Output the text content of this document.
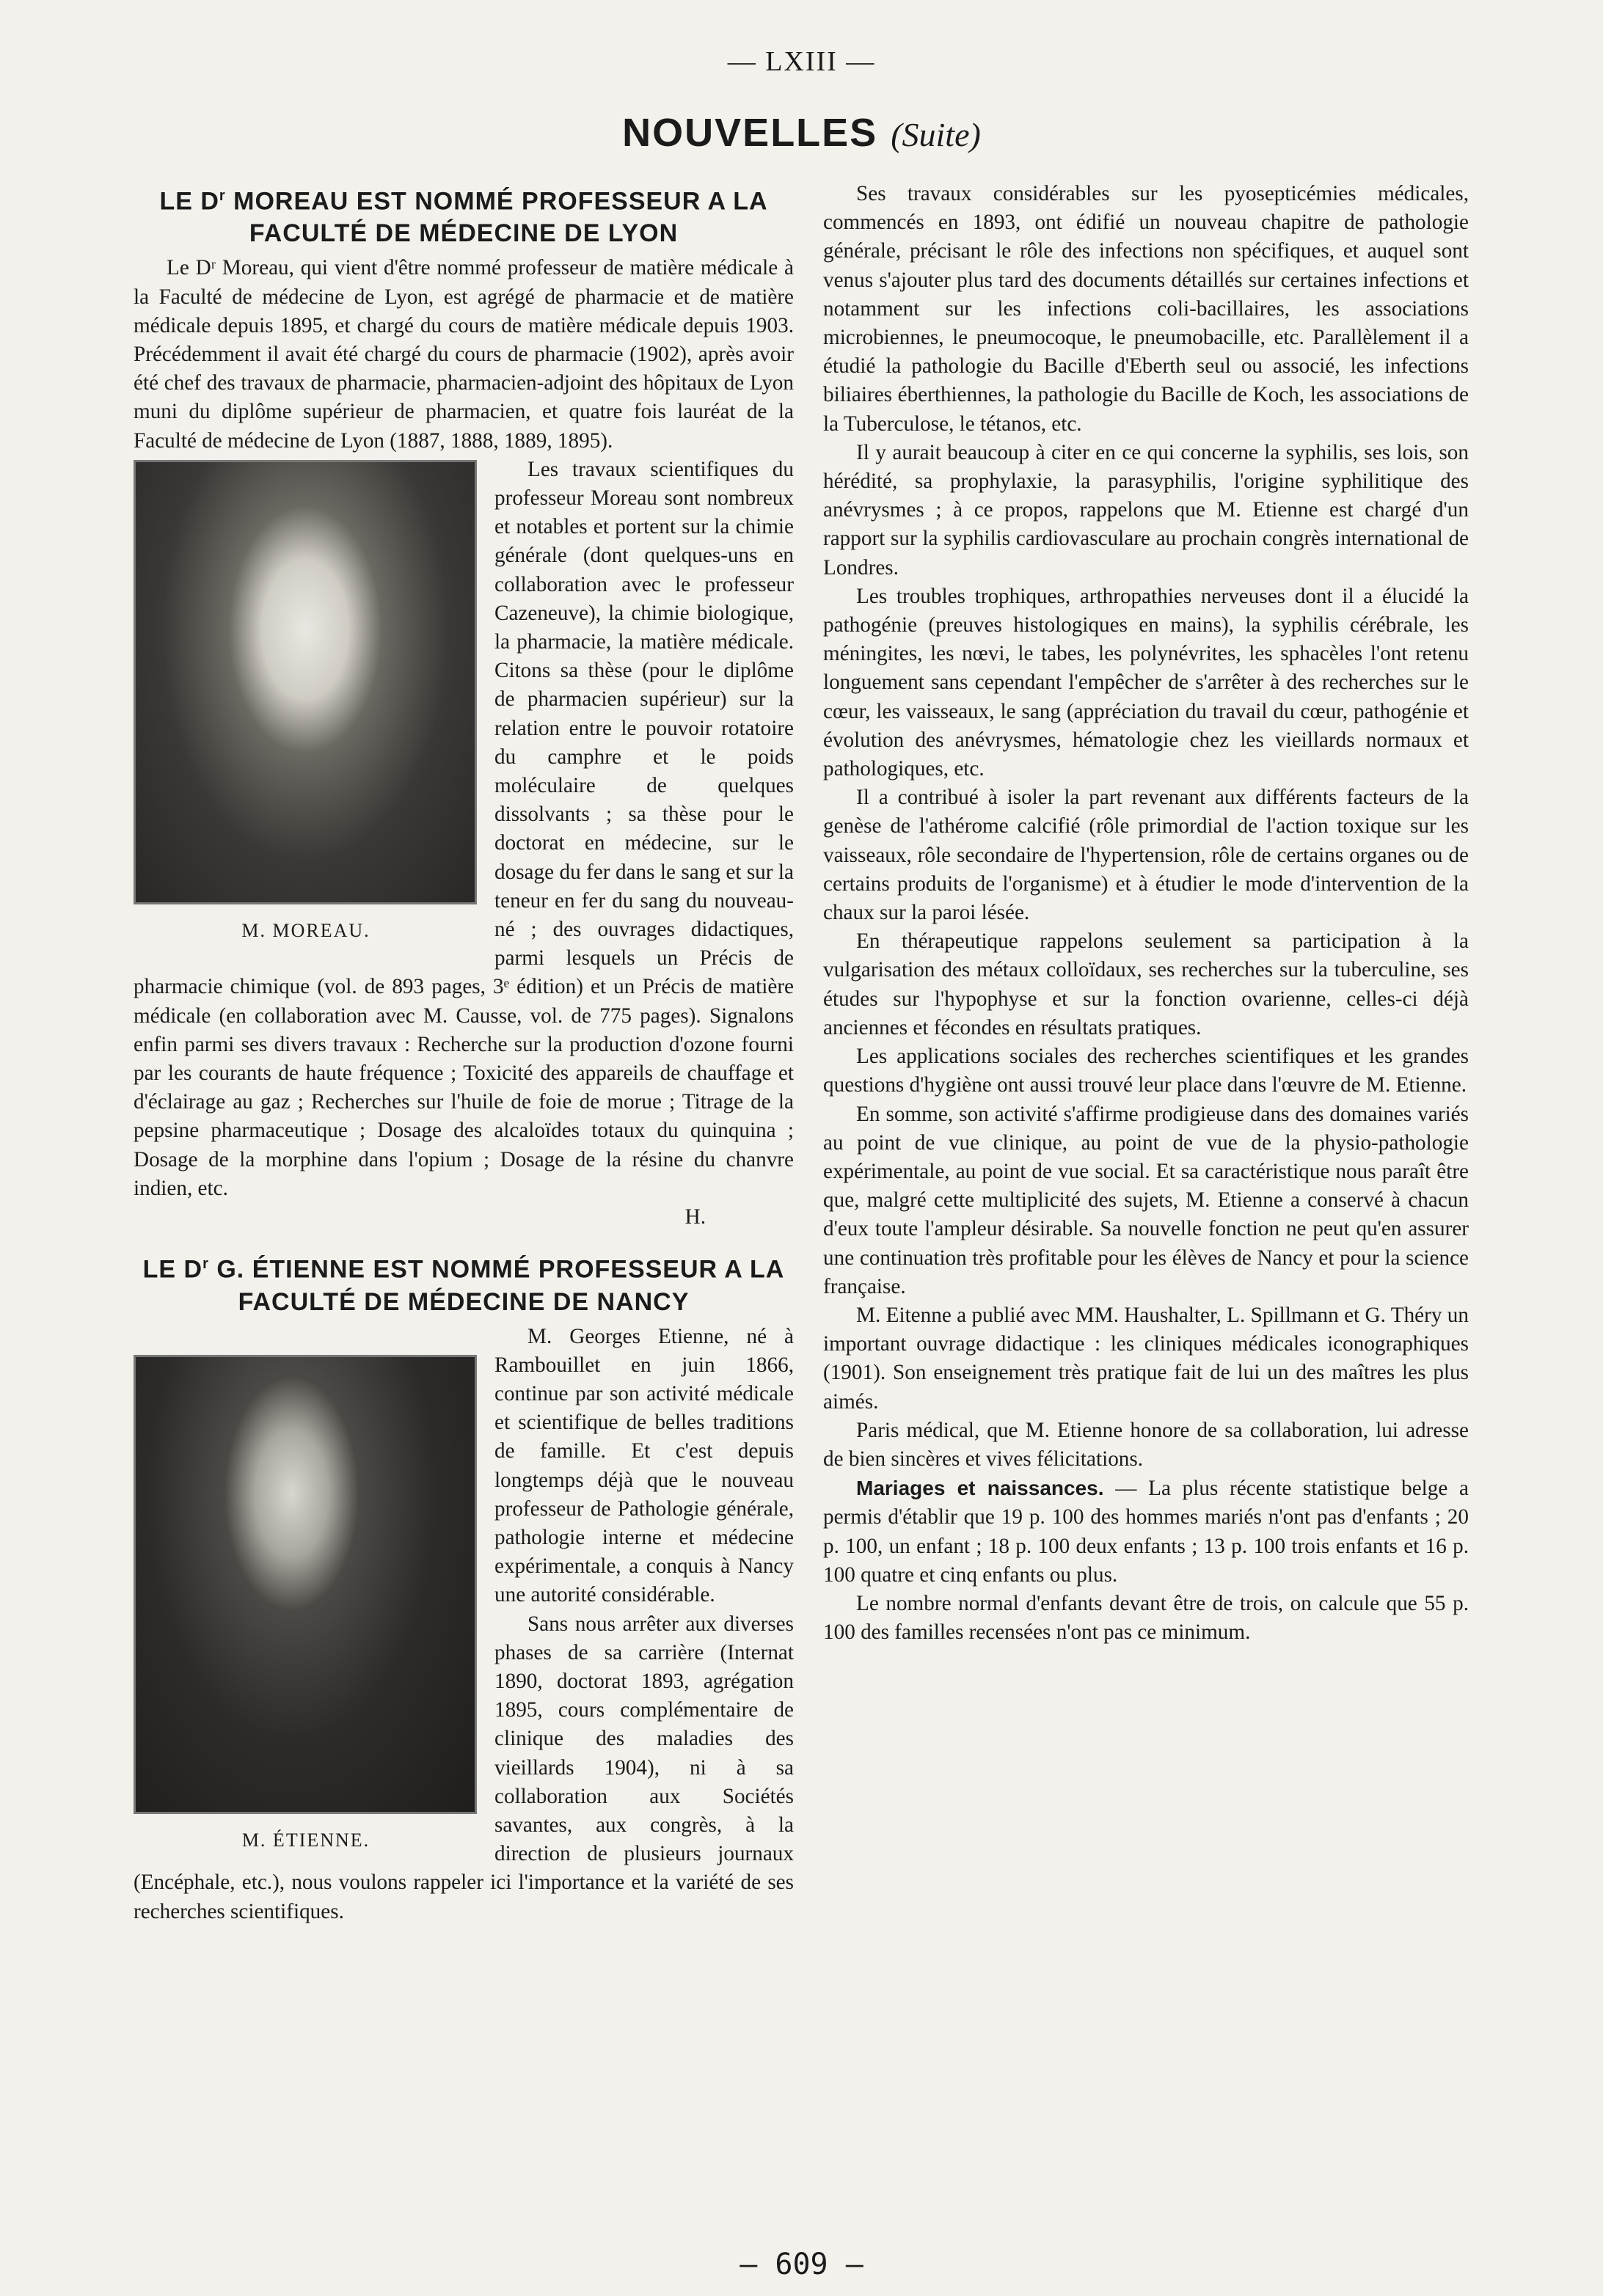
— LXIII —
NOUVELLES (Suite)
LE $D^r$ MOREAU EST NOMMÉ PROFESSEUR A LA FACULTÉ DE MÉDECINE DE LYON

Le Dʳ Moreau, qui vient d'être nommé professeur de matière médicale à la Faculté de médecine de Lyon, est agrégé de pharmacie et de matière médicale depuis 1895, et chargé du cours de matière médicale depuis 1903. Précédemment il avait été chargé du cours de pharmacie (1902), après avoir été chef des travaux de pharmacie, pharmacien-adjoint des hôpitaux de Lyon muni du diplôme supérieur de pharmacien, et quatre fois lauréat de la Faculté de médecine de Lyon (1887, 1888, 1889, 1895).

M. MOREAU.

Les travaux scientifiques du professeur Moreau sont nombreux et notables et portent sur la chimie générale (dont quelques-uns en collaboration avec le professeur Cazeneuve), la chimie biologique, la pharmacie, la matière médicale. Citons sa thèse (pour le diplôme de pharmacien supérieur) sur la relation entre le pouvoir rotatoire du camphre et le poids moléculaire de quelques dissolvants ; sa thèse pour le doctorat en médecine, sur le dosage du fer dans le sang et sur la teneur en fer du sang du nouveau-né ; des ouvrages didactiques, parmi lesquels un Précis de pharmacie chimique (vol. de 893 pages, 3ᵉ édition) et un Précis de matière médicale (en collaboration avec M. Causse, vol. de 775 pages). Signalons enfin parmi ses divers travaux : Recherche sur la production d'ozone fourni par les courants de haute fréquence ; Toxicité des appareils de chauffage et d'éclairage au gaz ; Recherches sur l'huile de foie de morue ; Titrage de la pepsine pharmaceutique ; Dosage des alcaloïdes totaux du quinquina ; Dosage de la morphine dans l'opium ; Dosage de la résine du chanvre indien, etc.

H.

LE $D^r$ G. ÉTIENNE EST NOMMÉ PROFESSEUR A LA FACULTÉ DE MÉDECINE DE NANCY
M. ÉTIENNE.

M. Georges Etienne, né à Rambouillet en juin 1866, continue par son activité médicale et scientifique de belles traditions de famille. Et c'est depuis longtemps déjà que le nouveau professeur de Pathologie générale, pathologie interne et médecine expérimentale, a conquis à Nancy une autorité considérable.

Sans nous arrêter aux diverses phases de sa carrière (Internat 1890, doctorat 1893, agrégation 1895, cours complémentaire de clinique des maladies des vieillards 1904), ni à sa collaboration aux Sociétés savantes, aux congrès, à la direction de plusieurs journaux (Encéphale, etc.), nous voulons rappeler ici l'importance et la variété de ses recherches scientifiques.

Ses travaux considérables sur les pyosepticémies médicales, commencés en 1893, ont édifié un nouveau chapitre de pathologie générale, précisant le rôle des infections non spécifiques, et auquel sont venus s'ajouter plus tard des documents détaillés sur certaines infections et notamment sur les infections coli-bacillaires, les associations microbiennes, le pneumocoque, le pneumobacille, etc. Parallèlement il a étudié la pathologie du Bacille d'Eberth seul ou associé, les infections biliaires éberthiennes, la pathologie du Bacille de Koch, les associations de la Tuberculose, le tétanos, etc.

Il y aurait beaucoup à citer en ce qui concerne la syphilis, ses lois, son hérédité, sa prophylaxie, la parasyphilis, l'origine syphilitique des anévrysmes ; à ce propos, rappelons que M. Etienne est chargé d'un rapport sur la syphilis cardiovasculare au prochain congrès international de Londres.

Les troubles trophiques, arthropathies nerveuses dont il a élucidé la pathogénie (preuves histologiques en mains), la syphilis cérébrale, les méningites, les nœvi, le tabes, les polynévrites, les sphacèles l'ont retenu longuement sans cependant l'empêcher de s'arrêter à des recherches sur le cœur, les vaisseaux, le sang (appréciation du travail du cœur, pathogénie et évolution des anévrysmes, hématologie chez les vieillards normaux et pathologiques, etc.

Il a contribué à isoler la part revenant aux différents facteurs de la genèse de l'athérome calcifié (rôle primordial de l'action toxique sur les vaisseaux, rôle secondaire de l'hypertension, rôle de certains organes ou de certains produits de l'organisme) et à étudier le mode d'intervention de la chaux sur la paroi lésée.

En thérapeutique rappelons seulement sa participation à la vulgarisation des métaux colloïdaux, ses recherches sur la tuberculine, ses études sur l'hypophyse et sur la fonction ovarienne, celles-ci déjà anciennes et fécondes en résultats pratiques.

Les applications sociales des recherches scientifiques et les grandes questions d'hygiène ont aussi trouvé leur place dans l'œuvre de M. Etienne.

En somme, son activité s'affirme prodigieuse dans des domaines variés au point de vue clinique, au point de vue de la physio-pathologie expérimentale, au point de vue social. Et sa caractéristique nous paraît être que, malgré cette multiplicité des sujets, M. Etienne a conservé à chacun d'eux toute l'ampleur désirable. Sa nouvelle fonction ne peut qu'en assurer une continuation très profitable pour les élèves de Nancy et pour la science française.

M. Eitenne a publié avec MM. Haushalter, L. Spillmann et G. Théry un important ouvrage didactique : les cliniques médicales iconographiques (1901). Son enseignement très pratique fait de lui un des maîtres les plus aimés.

Paris médical, que M. Etienne honore de sa collaboration, lui adresse de bien sincères et vives félicitations.

Mariages et naissances. — La plus récente statistique belge a permis d'établir que 19 p. 100 des hommes mariés n'ont pas d'enfants ; 20 p. 100, un enfant ; 18 p. 100 deux enfants ; 13 p. 100 trois enfants et 16 p. 100 quatre et cinq enfants ou plus.

Le nombre normal d'enfants devant être de trois, on calcule que 55 p. 100 des familles recensées n'ont pas ce minimum.

— 609 —
